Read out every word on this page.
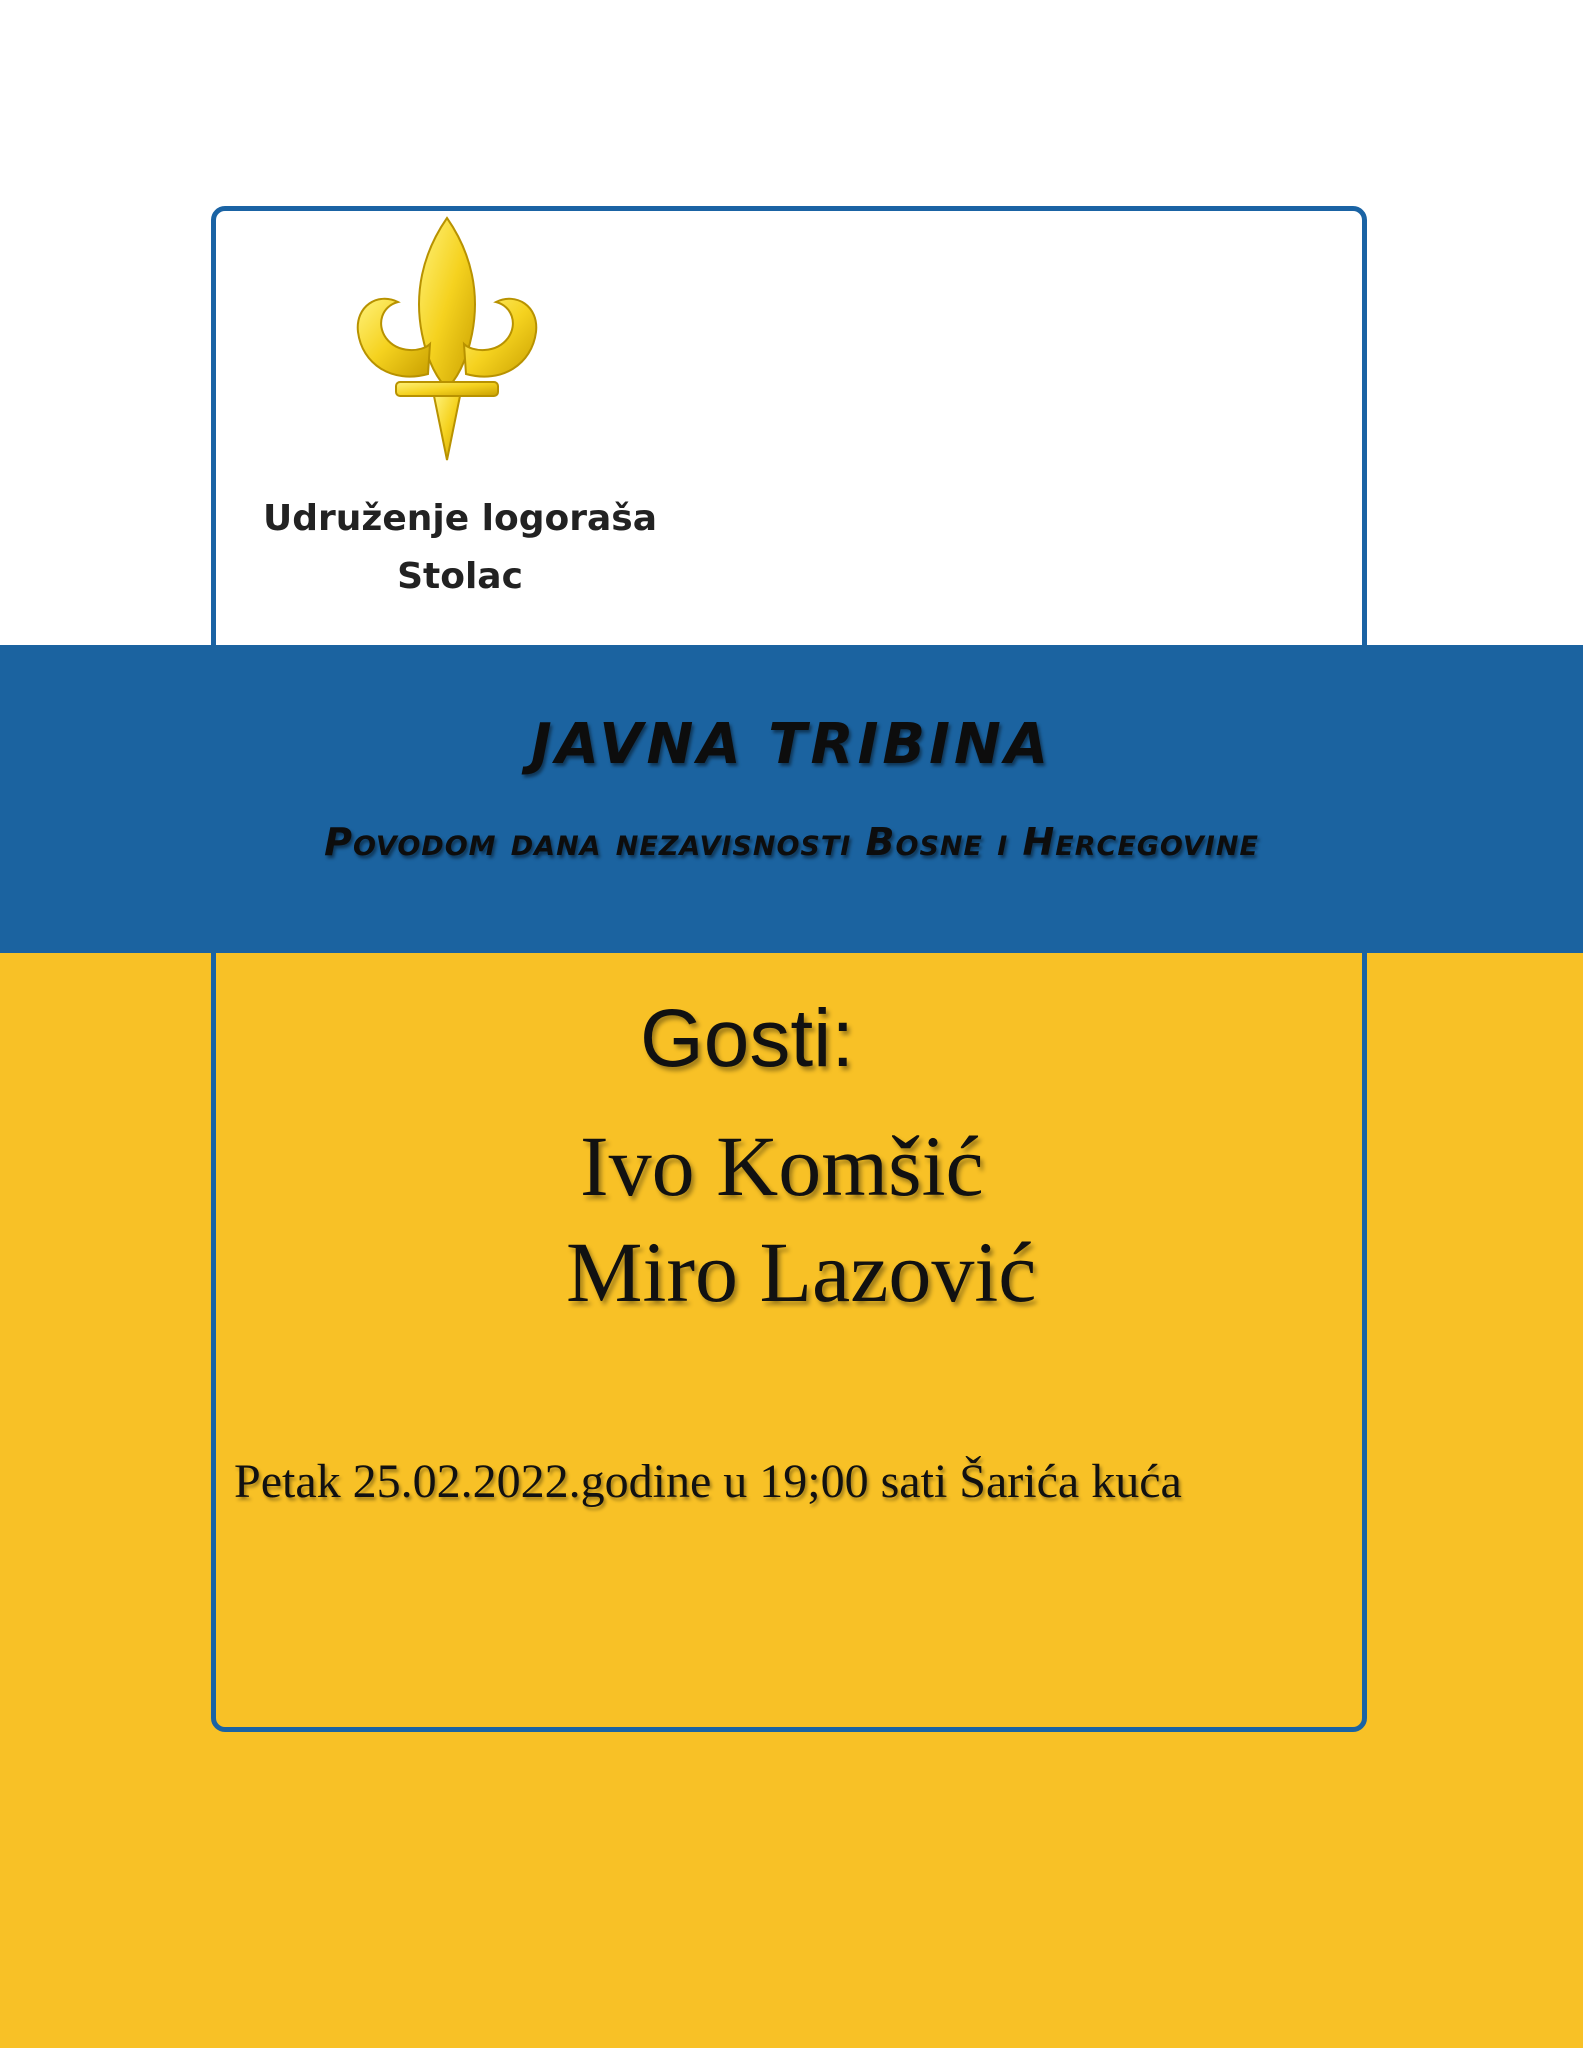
Udruženje logoraša
Stolac
JAVNA TRIBINA
Povodom dana nezavisnosti Bosne i Hercegovine
Gosti:
Ivo Komšić
Miro Lazović
Petak 25.02.2022.godine u 19;00 sati Šarića kuća
